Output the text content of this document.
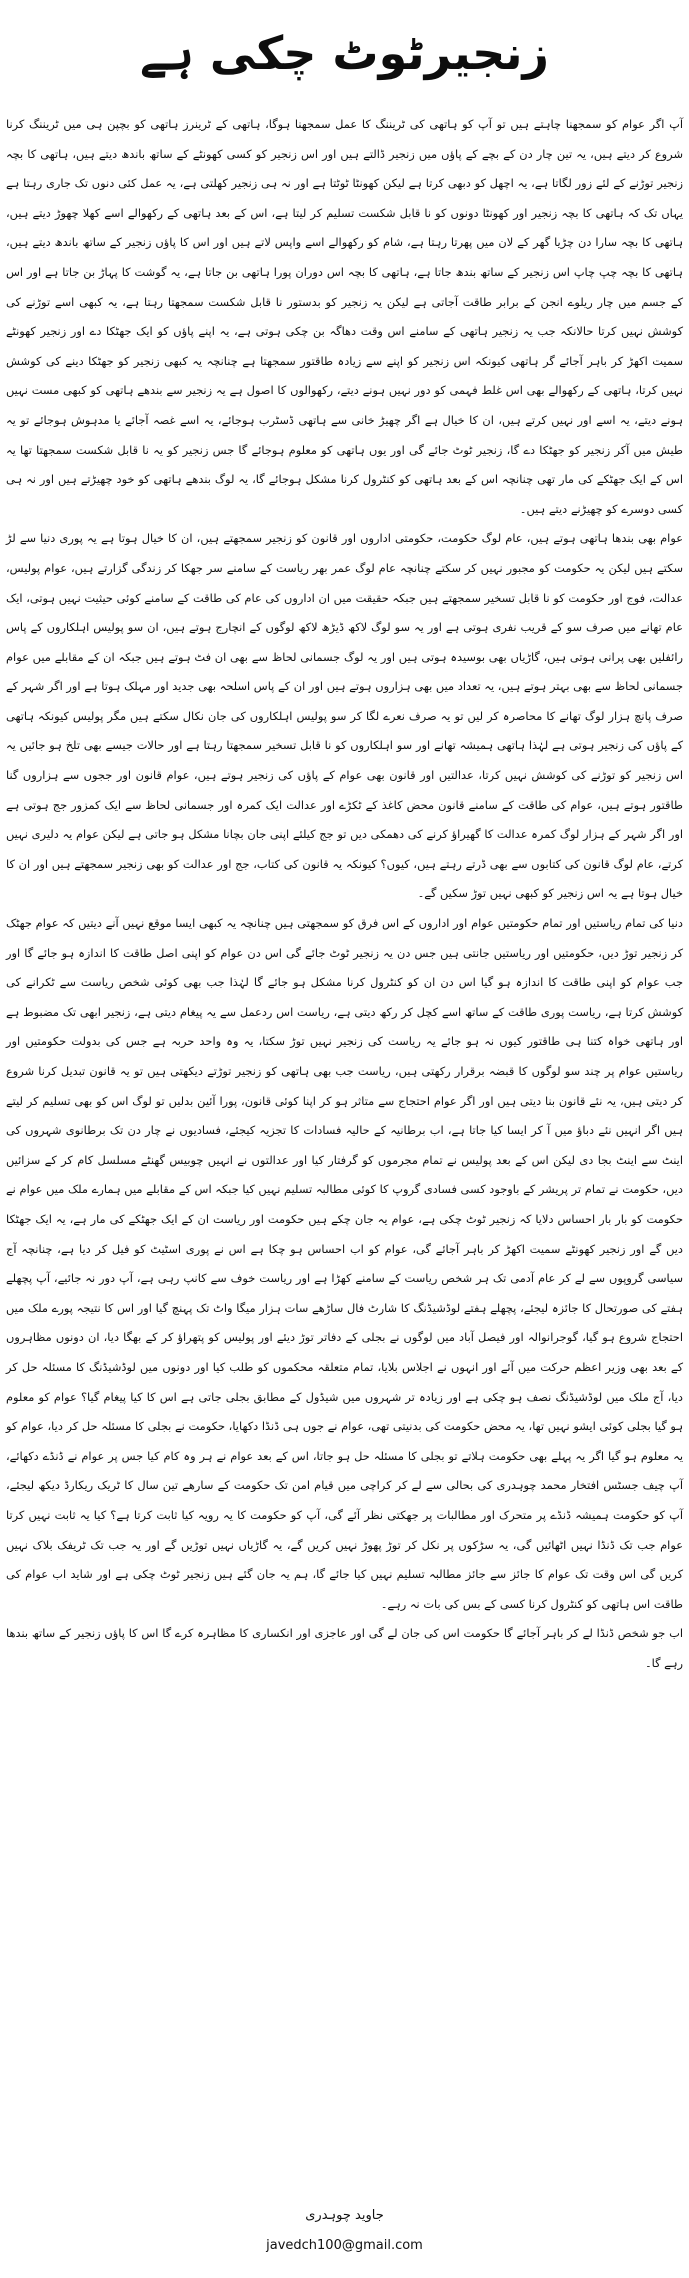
زنجیرٹوٹ چکی ہے

آپ اگر عوام کو سمجھنا چاہتے ہیں تو آپ کو ہاتھی کی ٹریننگ کا عمل سمجھنا ہوگا، ہاتھی کے ٹرینرز ہاتھی کو بچپن ہی میں ٹریننگ کرنا شروع کر دیتے ہیں، یہ تین چار دن کے بچے کے پاؤں میں زنجیر ڈالتے ہیں اور اس زنجیر کو کسی کھونٹے کے ساتھ باندھ دیتے ہیں، ہاتھی کا بچہ زنجیر توڑنے کے لئے زور لگاتا ہے، یہ اچھل کو دبھی کرتا ہے لیکن کھونٹا ٹوٹتا ہے اور نہ ہی زنجیر کھلتی ہے، یہ عمل کئی دنوں تک جاری رہتا ہے یہاں تک کہ ہاتھی کا بچہ زنجیر اور کھونٹا دونوں کو نا قابل شکست تسلیم کر لیتا ہے، اس کے بعد ہاتھی کے رکھوالے اسے کھلا چھوڑ دیتے ہیں، ہاتھی کا بچہ سارا دن چڑیا گھر کے لان میں پھرتا رہتا ہے، شام کو رکھوالے اسے واپس لاتے ہیں اور اس کا پاؤں زنجیر کے ساتھ باندھ دیتے ہیں، ہاتھی کا بچہ چپ چاپ اس زنجیر کے ساتھ بندھ جاتا ہے، ہاتھی کا بچہ اس دوران پورا ہاتھی بن جاتا ہے، یہ گوشت کا پہاڑ بن جاتا ہے اور اس کے جسم میں چار ریلوے انجن کے برابر طاقت آجاتی ہے لیکن یہ زنجیر کو بدستور نا قابل شکست سمجھتا رہتا ہے، یہ کبھی اسے توڑنے کی کوشش نہیں کرتا حالانکہ جب یہ زنجیر ہاتھی کے سامنے اس وقت دھاگہ بن چکی ہوتی ہے، یہ اپنے پاؤں کو ایک جھٹکا دے اور زنجیر کھونٹے سمیت اکھڑ کر باہر آجائے گر ہاتھی کیونکہ اس زنجیر کو اپنے سے زیادہ طاقتور سمجھتا ہے چنانچہ یہ کبھی زنجیر کو جھٹکا دینے کی کوشش نہیں کرتا، ہاتھی کے رکھوالے بھی اس غلط فہمی کو دور نہیں ہونے دیتے، رکھوالوں کا اصول ہے یہ زنجیر سے بندھے ہاتھی کو کبھی مست نہیں ہونے دیتے، یہ اسے اور نہیں کرتے ہیں، ان کا خیال ہے اگر چھیڑ خانی سے ہاتھی ڈسٹرب ہوجائے، یہ اسے غصہ آجائے یا مدہوش ہوجائے تو یہ طیش میں آکر زنجیر کو جھٹکا دے گا، زنجیر ٹوٹ جائے گی اور یوں ہاتھی کو معلوم ہوجائے گا جس زنجیر کو یہ نا قابل شکست سمجھتا تھا یہ اس کے ایک جھٹکے کی مار تھی چنانچہ اس کے بعد ہاتھی کو کنٹرول کرنا مشکل ہوجائے گا، یہ لوگ بندھے ہاتھی کو خود چھیڑتے ہیں اور نہ ہی کسی دوسرے کو چھیڑنے دیتے ہیں۔

عوام بھی بندھا ہاتھی ہوتے ہیں، عام لوگ حکومت، حکومتی اداروں اور قانون کو زنجیر سمجھتے ہیں، ان کا خیال ہوتا ہے یہ پوری دنیا سے لڑ سکتے ہیں لیکن یہ حکومت کو مجبور نہیں کر سکتے چنانچہ عام لوگ عمر بھر ریاست کے سامنے سر جھکا کر زندگی گزارتے ہیں، عوام پولیس، عدالت، فوج اور حکومت کو نا قابل تسخیر سمجھتے ہیں جبکہ حقیقت میں ان اداروں کی عام کی طاقت کے سامنے کوئی حیثیت نہیں ہوتی، ایک عام تھانے میں صرف سو کے قریب نفری ہوتی ہے اور یہ سو لوگ لاکھ ڈیڑھ لاکھ لوگوں کے انچارج ہوتے ہیں، ان سو پولیس اہلکاروں کے پاس رائفلیں بھی پرانی ہوتی ہیں، گاڑیاں بھی بوسیدہ ہوتی ہیں اور یہ لوگ جسمانی لحاظ سے بھی ان فٹ ہوتے ہیں جبکہ ان کے مقابلے میں عوام جسمانی لحاظ سے بھی بہتر ہوتے ہیں، یہ تعداد میں بھی ہزاروں ہوتے ہیں اور ان کے پاس اسلحہ بھی جدید اور مہلک ہوتا ہے اور اگر شہر کے صرف پانچ ہزار لوگ تھانے کا محاصرہ کر لیں تو یہ صرف نعرے لگا کر سو پولیس اہلکاروں کی جان نکال سکتے ہیں مگر پولیس کیونکہ ہاتھی کے پاؤں کی زنجیر ہوتی ہے لہٰذا ہاتھی ہمیشہ تھانے اور سو اہلکاروں کو نا قابل تسخیر سمجھتا رہتا ہے اور حالات جیسے بھی تلخ ہو جائیں یہ اس زنجیر کو توڑنے کی کوشش نہیں کرتا، عدالتیں اور قانون بھی عوام کے پاؤں کی زنجیر ہوتے ہیں، عوام قانون اور ججوں سے ہزاروں گنا طاقتور ہوتے ہیں، عوام کی طاقت کے سامنے قانون محض کاغذ کے ٹکڑے اور عدالت ایک کمرہ اور جسمانی لحاظ سے ایک کمزور جج ہوتی ہے اور اگر شہر کے ہزار لوگ کمرہ عدالت کا گھیراؤ کرنے کی دھمکی دیں تو جج کیلئے اپنی جان بچانا مشکل ہو جاتی ہے لیکن عوام یہ دلیری نہیں کرتے، عام لوگ قانون کی کتابوں سے بھی ڈرتے رہتے ہیں، کیوں؟ کیونکہ یہ قانون کی کتاب، جج اور عدالت کو بھی زنجیر سمجھتے ہیں اور ان کا خیال ہوتا ہے یہ اس زنجیر کو کبھی نہیں توڑ سکیں گے۔

دنیا کی تمام ریاستیں اور تمام حکومتیں عوام اور اداروں کے اس فرق کو سمجھتی ہیں چنانچہ یہ کبھی ایسا موقع نہیں آنے دیتیں کہ عوام جھٹک کر زنجیر توڑ دیں، حکومتیں اور ریاستیں جانتی ہیں جس دن یہ زنجیر ٹوٹ جائے گی اس دن عوام کو اپنی اصل طاقت کا اندازہ ہو جائے گا اور جب عوام کو اپنی طاقت کا اندازہ ہو گیا اس دن ان کو کنٹرول کرنا مشکل ہو جائے گا لہٰذا جب بھی کوئی شخص ریاست سے ٹکرانے کی کوشش کرتا ہے، ریاست پوری طاقت کے ساتھ اسے کچل کر رکھ دیتی ہے، ریاست اس ردعمل سے یہ پیغام دیتی ہے، زنجیر ابھی تک مضبوط ہے اور ہاتھی خواہ کتنا ہی طاقتور کیوں نہ ہو جائے یہ ریاست کی زنجیر نہیں توڑ سکتا، یہ وہ واحد حربہ ہے جس کی بدولت حکومتیں اور ریاستیں عوام پر چند سو لوگوں کا قبضہ برقرار رکھتی ہیں، ریاست جب بھی ہاتھی کو زنجیر توڑتے دیکھتی ہیں تو یہ قانون تبدیل کرنا شروع کر دیتی ہیں، یہ نئے قانون بنا دیتی ہیں اور اگر عوام احتجاج سے متاثر ہو کر اپنا کوئی قانون، پورا آئین بدلیں تو لوگ اس کو بھی تسلیم کر لیتے ہیں اگر انہیں نئے دباؤ میں آ کر ایسا کیا جاتا ہے، اب برطانیہ کے حالیہ فسادات کا تجزیہ کیجئے، فسادیوں نے چار دن تک برطانوی شہروں کی اینٹ سے اینٹ بجا دی لیکن اس کے بعد پولیس نے تمام مجرموں کو گرفتار کیا اور عدالتوں نے انہیں چوبیس گھنٹے مسلسل کام کر کے سزائیں دیں، حکومت نے تمام تر پریشر کے باوجود کسی فسادی گروپ کا کوئی مطالبہ تسلیم نہیں کیا جبکہ اس کے مقابلے میں ہمارے ملک میں عوام نے حکومت کو بار بار احساس دلایا کہ زنجیر ٹوٹ چکی ہے، عوام یہ جان چکے ہیں حکومت اور ریاست ان کے ایک جھٹکے کی مار ہے، یہ ایک جھٹکا دیں گے اور زنجیر کھونٹے سمیت اکھڑ کر باہر آجائے گی، عوام کو اب احساس ہو چکا ہے اس نے پوری اسٹیٹ کو فیل کر دیا ہے، چنانچہ آج سیاسی گروپوں سے لے کر عام آدمی تک ہر شخص ریاست کے سامنے کھڑا ہے اور ریاست خوف سے کانپ رہی ہے، آپ دور نہ جائیے، آپ پچھلے ہفتے کی صورتحال کا جائزہ لیجئے، پچھلے ہفتے لوڈشیڈنگ کا شارٹ فال ساڑھے سات ہزار میگا واٹ تک پہنچ گیا اور اس کا نتیجہ پورے ملک میں احتجاج شروع ہو گیا، گوجرانوالہ اور فیصل آباد میں لوگوں نے بجلی کے دفاتر توڑ دیئے اور پولیس کو پتھراؤ کر کے بھگا دیا، ان دونوں مظاہروں کے بعد بھی وزیر اعظم حرکت میں آئے اور انہوں نے اجلاس بلایا، تمام متعلقہ محکموں کو طلب کیا اور دونوں میں لوڈشیڈنگ کا مسئلہ حل کر دیا، آج ملک میں لوڈشیڈنگ نصف ہو چکی ہے اور زیادہ تر شہروں میں شیڈول کے مطابق بجلی جاتی ہے اس کا کیا پیغام گیا؟ عوام کو معلوم ہو گیا بجلی کوئی ایشو نہیں تھا، یہ محض حکومت کی بدنیتی تھی، عوام نے جوں ہی ڈنڈا دکھایا، حکومت نے بجلی کا مسئلہ حل کر دیا، عوام کو یہ معلوم ہو گیا اگر یہ پہلے بھی حکومت ہلاتے تو بجلی کا مسئلہ حل ہو جاتا، اس کے بعد عوام نے ہر وہ کام کیا جس پر عوام نے ڈنڈے دکھائے، آپ چیف جسٹس افتخار محمد چوہدری کی بحالی سے لے کر کراچی میں قیام امن تک حکومت کے سارھے تین سال کا ٹریک ریکارڈ دیکھ لیجئے، آپ کو حکومت ہمیشہ ڈنڈے پر متحرک اور مطالبات پر جھکتی نظر آئے گی، آپ کو حکومت کا یہ رویہ کیا ثابت کرتا ہے؟ کیا یہ ثابت نہیں کرتا عوام جب تک ڈنڈا نہیں اٹھائیں گی، یہ سڑکوں پر نکل کر توڑ پھوڑ نہیں کریں گے، یہ گاڑیاں نہیں توڑیں گے اور یہ جب تک ٹریفک بلاک نہیں کریں گی اس وقت تک عوام کا جائز سے جائز مطالبہ تسلیم نہیں کیا جائے گا، ہم یہ جان گئے ہیں زنجیر ٹوٹ چکی ہے اور شاید اب عوام کی طاقت اس ہاتھی کو کنٹرول کرنا کسی کے بس کی بات نہ رہے۔

اب جو شخص ڈنڈا لے کر باہر آجائے گا حکومت اس کی جان لے گی اور عاجزی اور انکساری کا مظاہرہ کرے گا اس کا پاؤں زنجیر کے ساتھ بندھا رہے گا۔

جاوید چوہدری
javedch100@gmail.com
